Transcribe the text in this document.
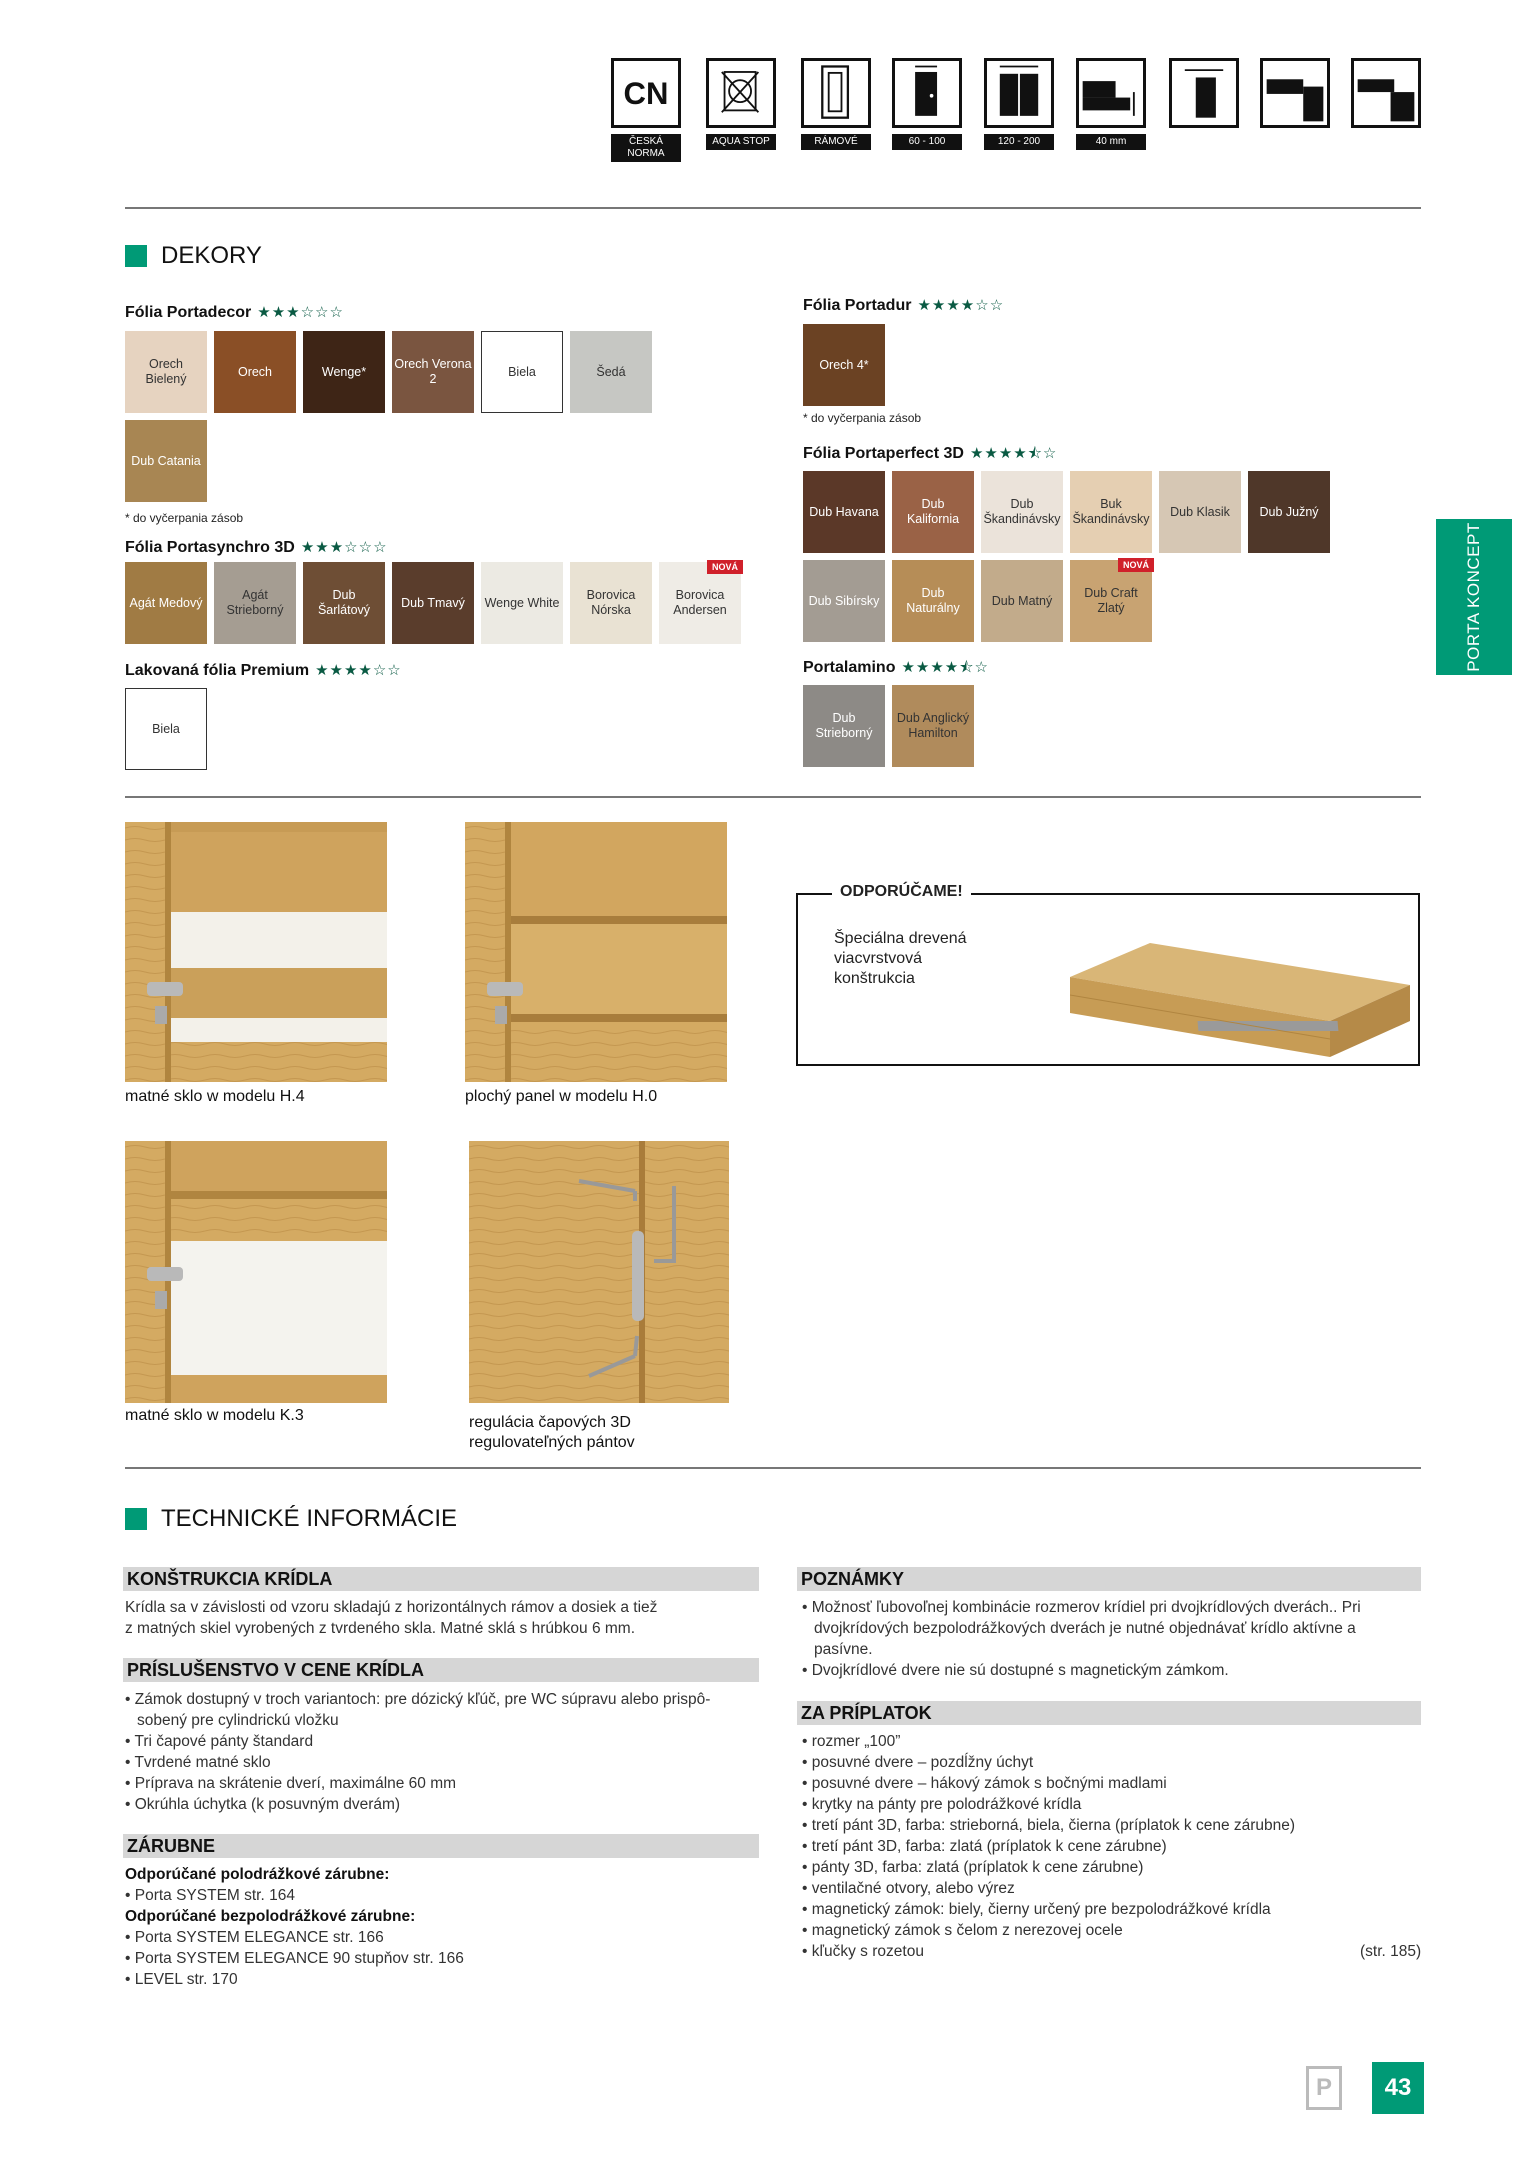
CN
ČESKÁ NORMA
AQUA STOP	RÁMOVÉ	60 - 100	120 - 200	40 mm
DEKORY
Fólia Portadecor ★★★☆☆☆
Orech Bielený
Orech	Wenge*
Orech Verona 2
Biela	Šedá
Dub Catania
* do vyčerpania zásob
Fólia Portasynchro 3D ★★★☆☆☆
Agát Medový
Agát Strieborný
Dub Šarlátový
Dub Tmavý Wenge White
Borovica Nórska
Borovica Andersen
NOVÁ
Lakovaná fólia Premium ★★★★☆☆
Biela
Fólia Portadur ★★★★☆☆
Orech 4*
* do vyčerpania zásob
Fólia Portaperfect 3D ★★★★⯪☆
Dub Havana
Dub Kalifornia
Dub Škandinávsky
Buk Škandinávsky
Dub Klasik Dub Južný
Dub Sibírsky
Dub Naturálny
Dub Matný
Dub Craft Zlatý
NOVÁ
Portalamino ★★★★⯪☆
Dub Strieborný
Dub Anglický Hamilton
matné sklo w modelu H.4	plochý panel w modelu H.0
matné sklo w modelu K.3	regulácia čapových 3D
regulovateľných pántov
ODPORÚČAME!
Špeciálna drevená
viacvrstvová
konštrukcia
TECHNICKÉ INFORMÁCIE
KONŠTRUKCIA KRÍDLA
Krídla sa v závislosti od vzoru skladajú z horizontálnych rámov a dosiek a tiež
z matných skiel vyrobených z tvrdeného skla. Matné sklá s hrúbkou 6 mm.
PRÍSLUŠENSTVO V CENE KRÍDLA
• Zámok dostupný v troch variantoch: pre dózický kľúč, pre WC súpravu alebo prispôsobený pre cylindrickú vložku
• Tri čapové pánty štandard
• Tvrdené matné sklo
• Príprava na skrátenie dverí, maximálne 60 mm
• Okrúhla úchytka (k posuvným dverám)
ZÁRUBNE
Odporúčané polodrážkové zárubne:
• Porta SYSTEM str. 164
Odporúčané bezpolodrážkové zárubne:
• Porta SYSTEM ELEGANCE str. 166
• Porta SYSTEM ELEGANCE 90 stupňov str. 166
• LEVEL str. 170
POZNÁMKY
• Možnosť ľubovoľnej kombinácie rozmerov krídiel pri dvojkrídlových dverách.. Pri dvojkrídových bezpolodrážkových dverách je nutné objednávať krídlo aktívne a pasívne.
• Dvojkrídlové dvere nie sú dostupné s magnetickým zámkom.
ZA PRÍPLATOK
• rozmer „100”
• posuvné dvere – pozdĺžny úchyt
• posuvné dvere – hákový zámok s bočnými madlami
• krytky na pánty pre polodrážkové krídla
• tretí pánt 3D, farba: strieborná, biela, čierna (príplatok k cene zárubne)
• tretí pánt 3D, farba: zlatá (príplatok k cene zárubne)
• pánty 3D, farba: zlatá (príplatok k cene zárubne)
• ventilačné otvory, alebo výrez
• magnetický zámok: biely, čierny určený pre bezpolodrážkové krídla
• magnetický zámok s čelom z nerezovej ocele
• kľučky s rozetou	(str. 185)
PORTA KONCEPT
P	43
